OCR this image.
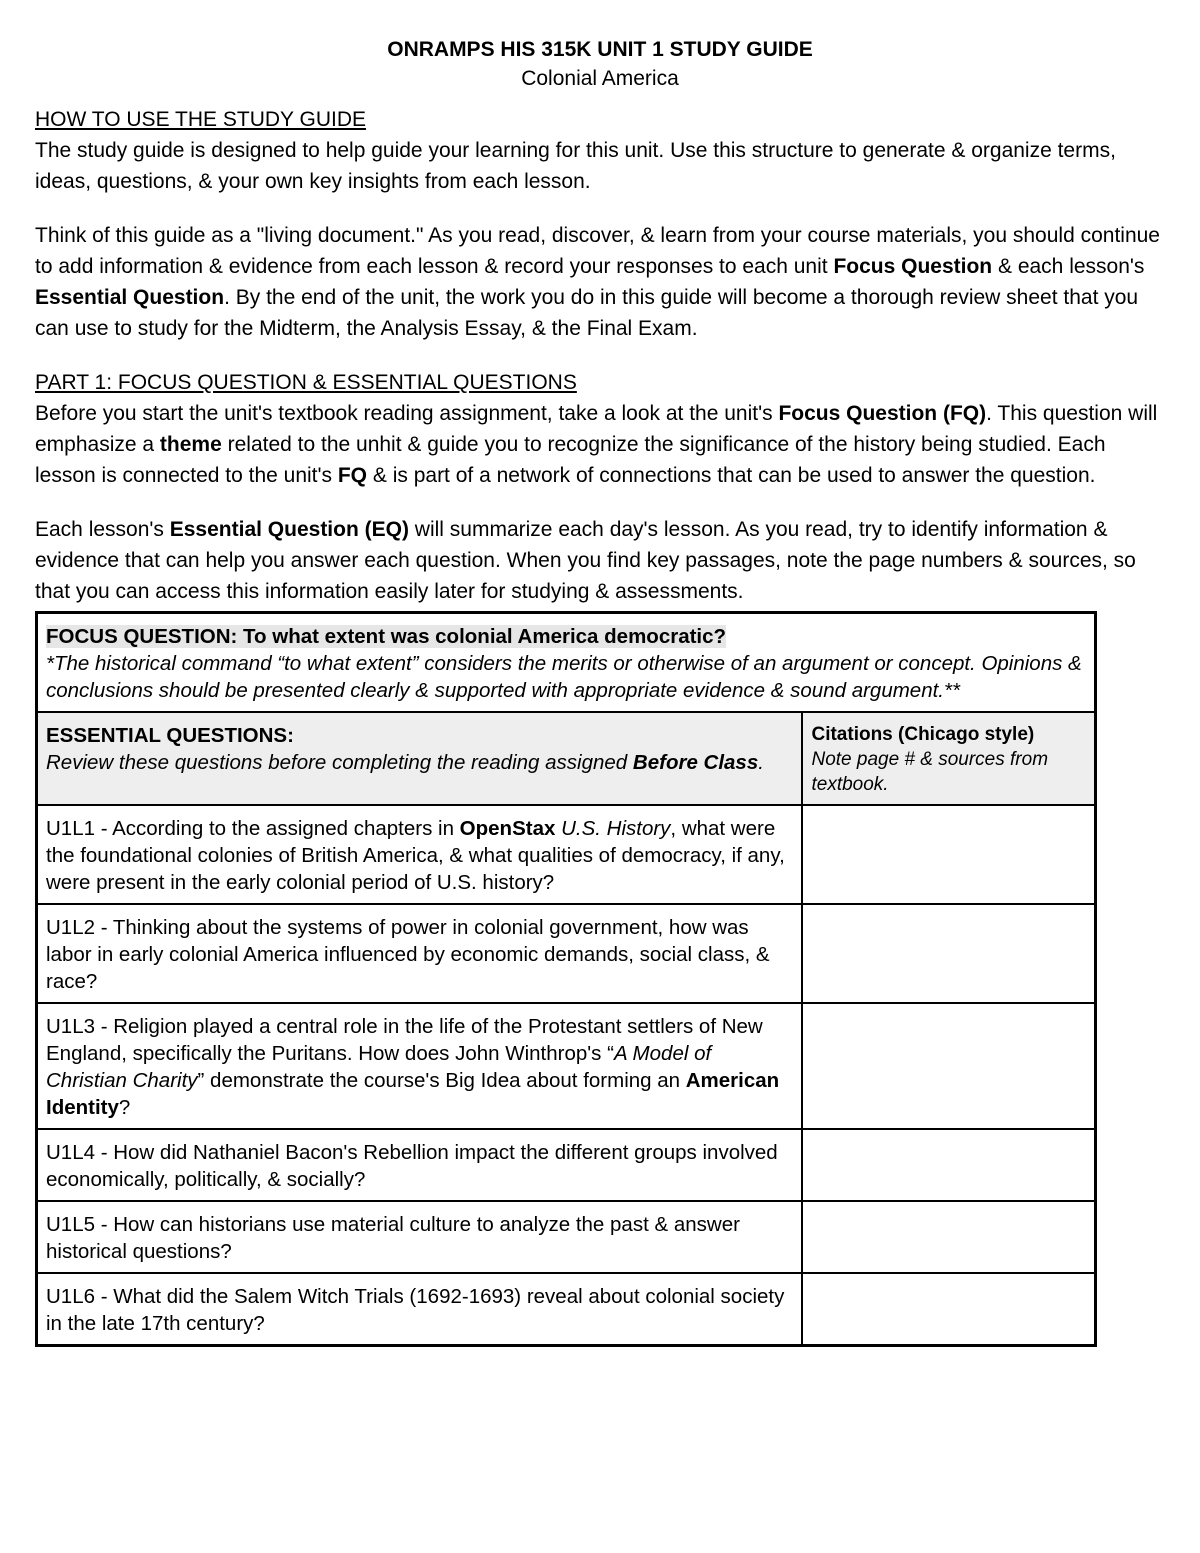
ONRAMPS HIS 315K UNIT 1 STUDY GUIDE

Colonial America

HOW TO USE THE STUDY GUIDE

The study guide is designed to help guide your learning for this unit. Use this structure to generate & organize terms, ideas, questions, & your own key insights from each lesson.

Think of this guide as a "living document." As you read, discover, & learn from your course materials, you should continue to add information & evidence from each lesson & record your responses to each unit Focus Question & each lesson's Essential Question. By the end of the unit, the work you do in this guide will become a thorough review sheet that you can use to study for the Midterm, the Analysis Essay, & the Final Exam.

PART 1: FOCUS QUESTION & ESSENTIAL QUESTIONS

Before you start the unit's textbook reading assignment, take a look at the unit's Focus Question (FQ). This question will emphasize a theme related to the unhit & guide you to recognize the significance of the history being studied. Each lesson is connected to the unit's FQ & is part of a network of connections that can be used to answer the question.

Each lesson's Essential Question (EQ) will summarize each day's lesson. As you read, try to identify information & evidence that can help you answer each question. When you find key passages, note the page numbers & sources, so that you can access this information easily later for studying & assessments.

FOCUS QUESTION: To what extent was colonial America democratic?
*The historical command “to what extent” considers the merits or otherwise of an argument or concept. Opinions & conclusions should be presented clearly & supported with appropriate evidence & sound argument.**	
ESSENTIAL QUESTIONS:
Review these questions before completing the reading assigned Before Class.	Citations (Chicago style)
Note page # & sources from textbook.
U1L1 - According to the assigned chapters in OpenStax U.S. History, what were the foundational colonies of British America, & what qualities of democracy, if any, were present in the early colonial period of U.S. history?	
U1L2 - Thinking about the systems of power in colonial government, how was labor in early colonial America influenced by economic demands, social class, & race?	
U1L3 - Religion played a central role in the life of the Protestant settlers of New England, specifically the Puritans. How does John Winthrop's “A Model of Christian Charity” demonstrate the course's Big Idea about forming an American Identity?	
U1L4 - How did Nathaniel Bacon's Rebellion impact the different groups involved economically, politically, & socially?	
U1L5 - How can historians use material culture to analyze the past & answer historical questions?	
U1L6 - What did the Salem Witch Trials (1692-1693) reveal about colonial society in the late 17th century?	
